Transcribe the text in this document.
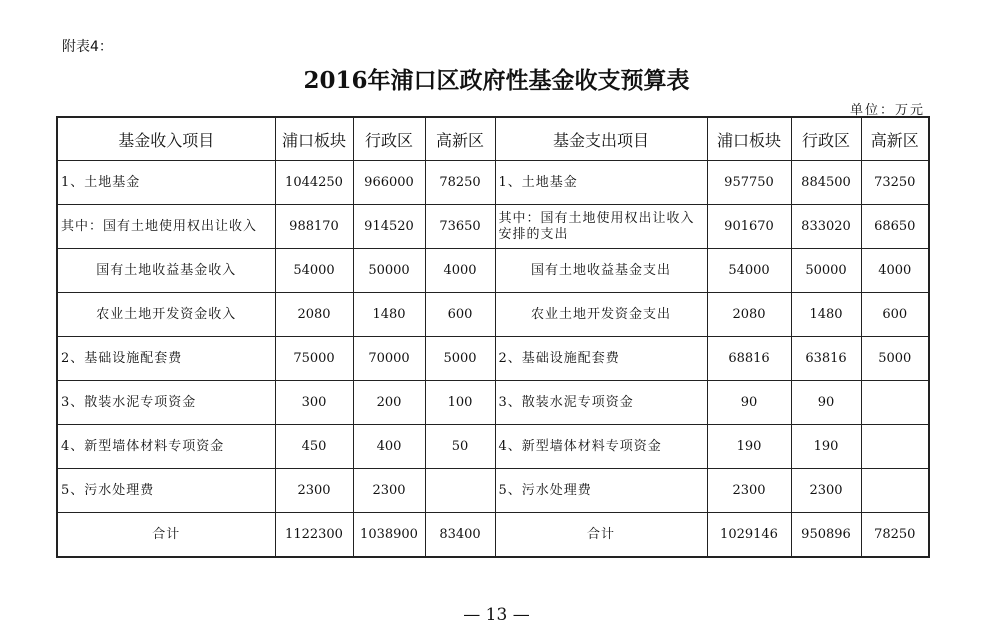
附表4：
2016年浦口区政府性基金收支预算表
单位：万元
基金收入项目	浦口板块	行政区	高新区	基金支出项目	浦口板块	行政区	高新区
1、土地基金	1044250	966000	78250	1、土地基金	957750	884500	73250
其中：国有土地使用权出让收入	988170	914520	73650	其中：国有土地使用权出让收入安排的支出	901670	833020	68650
国有土地收益基金收入	54000	50000	4000	国有土地收益基金支出	54000	50000	4000
农业土地开发资金收入	2080	1480	600	农业土地开发资金支出	2080	1480	600
2、基础设施配套费	75000	70000	5000	2、基础设施配套费	68816	63816	5000
3、散装水泥专项资金	300	200	100	3、散装水泥专项资金	90	90	
4、新型墙体材料专项资金	450	400	50	4、新型墙体材料专项资金	190	190	
5、污水处理费	2300	2300		5、污水处理费	2300	2300	
合计	1122300	1038900	83400	合计	1029146	950896	78250
— 13 —
